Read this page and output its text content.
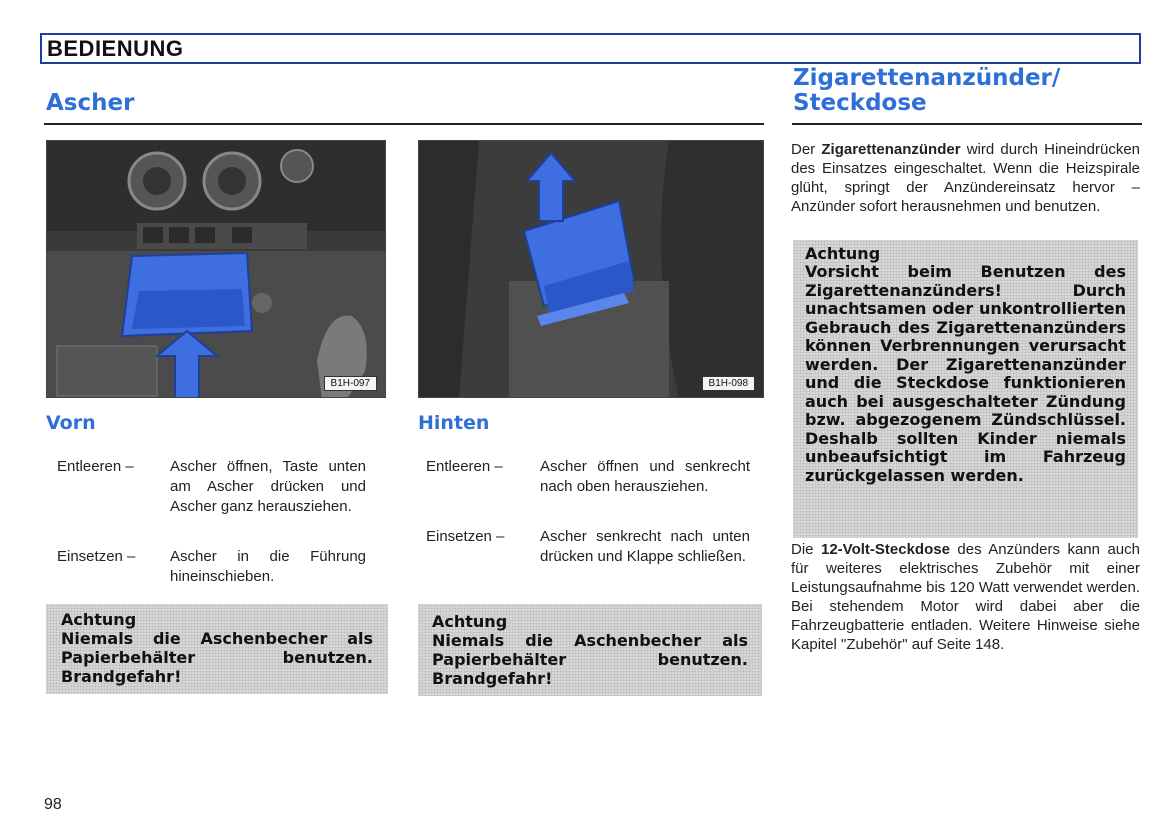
BEDIENUNG
Ascher
B1H-097	B1H-098
Vorn
Entleeren – Ascher öffnen, Taste unten am Ascher drücken und Ascher ganz herausziehen.
Einsetzen – Ascher in die Führung hineinschieben.
Achtung
Niemals die Aschenbecher als Papierbehälter benutzen. Brandgefahr!
Hinten
Entleeren – Ascher öffnen und senkrecht nach oben herausziehen.
Einsetzen – Ascher senkrecht nach unten drücken und Klappe schließen.
Achtung
Niemals die Aschenbecher als Papierbehälter benutzen. Brandgefahr!
Zigarettenanzünder/
Steckdose
Der Zigarettenanzünder wird durch Hineindrücken des Einsatzes eingeschaltet. Wenn die Heizspirale glüht, springt der Anzündereinsatz hervor – Anzünder sofort herausnehmen und benutzen.
Achtung
Vorsicht beim Benutzen des Zigarettenanzünders! Durch unachtsamen oder unkontrollierten Gebrauch des Zigarettenanzünders können Verbrennungen verursacht werden. Der Zigarettenanzünder und die Steckdose funktionieren auch bei ausgeschalteter Zündung bzw. abgezogenem Zündschlüssel. Deshalb sollten Kinder niemals unbeaufsichtigt im Fahrzeug zurückgelassen werden.
Die 12-Volt-Steckdose des Anzünders kann auch für weiteres elektrisches Zubehör mit einer Leistungsaufnahme bis 120 Watt verwendet werden. Bei stehendem Motor wird dabei aber die Fahrzeugbatterie entladen. Weitere Hinweise siehe Kapitel "Zubehör" auf Seite 148.
98
